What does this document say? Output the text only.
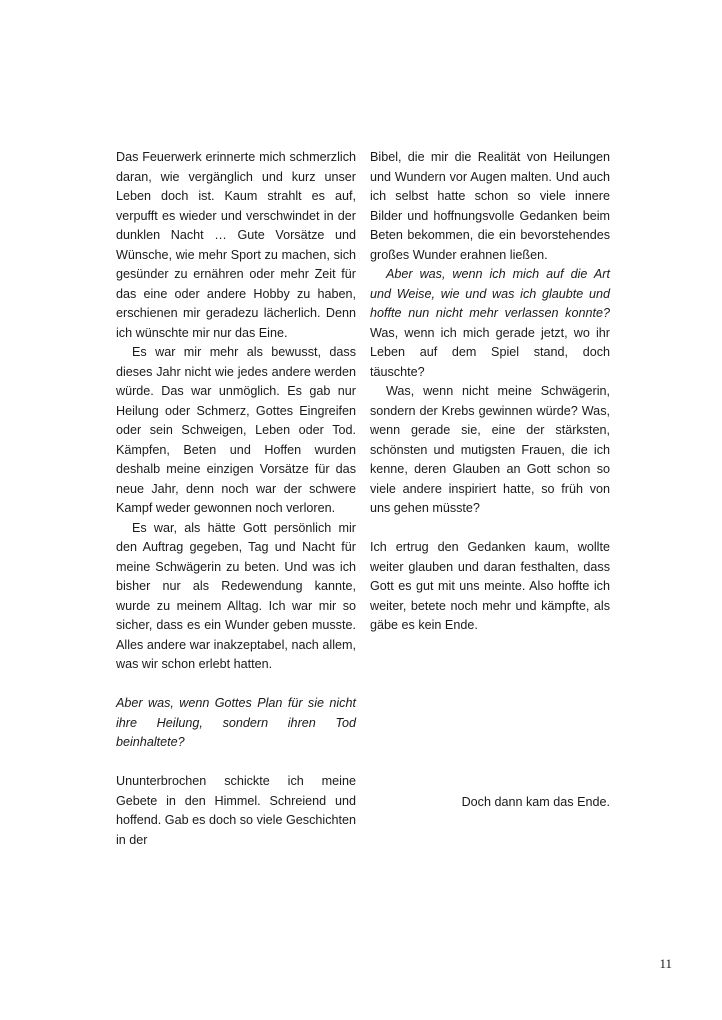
Das Feuerwerk erinnerte mich schmerzlich daran, wie vergänglich und kurz unser Leben doch ist. Kaum strahlt es auf, verpufft es wieder und verschwindet in der dunklen Nacht … Gute Vorsätze und Wünsche, wie mehr Sport zu machen, sich gesünder zu ernähren oder mehr Zeit für das eine oder andere Hobby zu haben, erschienen mir geradezu lächerlich. Denn ich wünschte mir nur das Eine.

Es war mir mehr als bewusst, dass dieses Jahr nicht wie jedes andere werden würde. Das war unmöglich. Es gab nur Heilung oder Schmerz, Gottes Eingreifen oder sein Schweigen, Leben oder Tod. Kämpfen, Beten und Hoffen wurden deshalb meine einzigen Vorsätze für das neue Jahr, denn noch war der schwere Kampf weder gewonnen noch verloren.

Es war, als hätte Gott persönlich mir den Auftrag gegeben, Tag und Nacht für meine Schwägerin zu beten. Und was ich bisher nur als Redewendung kannte, wurde zu meinem Alltag. Ich war mir so sicher, dass es ein Wunder geben musste. Alles andere war inakzeptabel, nach allem, was wir schon erlebt hatten.

Aber was, wenn Gottes Plan für sie nicht ihre Heilung, sondern ihren Tod beinhaltete?

Ununterbrochen schickte ich meine Gebete in den Himmel. Schreiend und hoffend. Gab es doch so viele Geschichten in der

Bibel, die mir die Realität von Heilungen und Wundern vor Augen malten. Und auch ich selbst hatte schon so viele innere Bilder und hoffnungsvolle Gedanken beim Beten bekommen, die ein bevorstehendes großes Wunder erahnen ließen.

Aber was, wenn ich mich auf die Art und Weise, wie und was ich glaubte und hoffte nun nicht mehr verlassen konnte? Was, wenn ich mich gerade jetzt, wo ihr Leben auf dem Spiel stand, doch täuschte?

Was, wenn nicht meine Schwägerin, sondern der Krebs gewinnen würde? Was, wenn gerade sie, eine der stärksten, schönsten und mutigsten Frauen, die ich kenne, deren Glauben an Gott schon so viele andere inspiriert hatte, so früh von uns gehen müsste?

Ich ertrug den Gedanken kaum, wollte weiter glauben und daran festhalten, dass Gott es gut mit uns meinte. Also hoffte ich weiter, betete noch mehr und kämpfte, als gäbe es kein Ende.

Doch dann kam das Ende.
11
